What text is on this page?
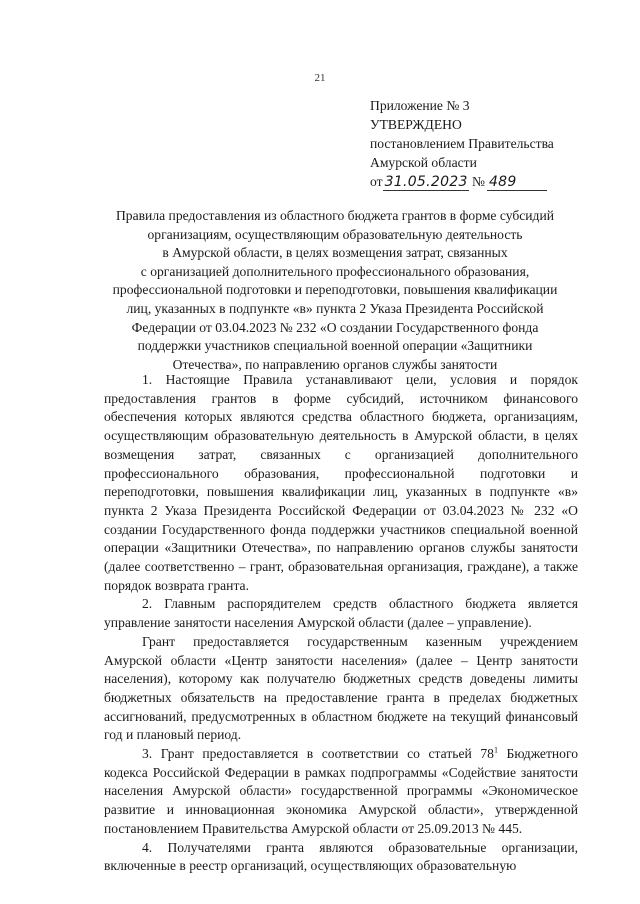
21
Приложение № 3
УТВЕРЖДЕНО
постановлением Правительства
Амурской области
от 31.05.2023 № 489
Правила предоставления из областного бюджета грантов в форме субсидий
организациям, осуществляющим образовательную деятельность
в Амурской области, в целях возмещения затрат, связанных
с организацией дополнительного профессионального образования,
профессиональной подготовки и переподготовки, повышения квалификации
лиц, указанных в подпункте «в» пункта 2 Указа Президента Российской
Федерации от 03.04.2023 № 232 «О создании Государственного фонда
поддержки участников специальной военной операции «Защитники
Отечества», по направлению органов службы занятости

1. Настоящие Правила устанавливают цели, условия и порядок предоставления грантов в форме субсидий, источником финансового обеспечения которых являются средства областного бюджета, организациям, осуществляющим образовательную деятельность в Амурской области, в целях возмещения затрат, связанных с организацией дополнительного профессионального образования, профессиональной подготовки и переподготовки, повышения квалификации лиц, указанных в подпункте «в» пункта 2 Указа Президента Российской Федерации от 03.04.2023 № 232 «О создании Государственного фонда поддержки участников специальной военной операции «Защитники Отечества», по направлению органов службы занятости (далее соответственно – грант, образовательная организация, граждане), а также порядок возврата гранта.

2. Главным распорядителем средств областного бюджета является управление занятости населения Амурской области (далее – управление).

Грант предоставляется государственным казенным учреждением Амурской области «Центр занятости населения» (далее – Центр занятости населения), которому как получателю бюджетных средств доведены лимиты бюджетных обязательств на предоставление гранта в пределах бюджетных ассигнований, предусмотренных в областном бюджете на текущий финансовый год и плановый период.

3. Грант предоставляется в соответствии со статьей $78^1$ Бюджетного кодекса Российской Федерации в рамках подпрограммы «Содействие занятости населения Амурской области» государственной программы «Экономическое развитие и инновационная экономика Амурской области», утвержденной постановлением Правительства Амурской области от 25.09.2013 № 445.

4. Получателями гранта являются образовательные организации, включенные в реестр организаций, осуществляющих образовательную
